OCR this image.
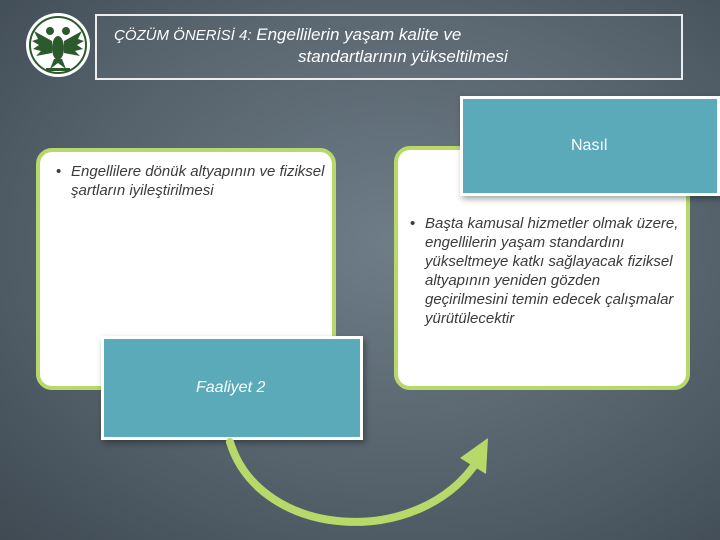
ÇÖZÜM ÖNERİSİ 4: Engellilerin yaşam kalite ve
standartlarının yükseltilmesi
• Engellilere dönük altyapının ve fiziksel şartların iyileştirilmesi
• Başta kamusal hizmetler olmak üzere, engellilerin yaşam standardını yükseltmeye katkı sağlayacak fiziksel altyapının yeniden gözden geçirilmesini temin edecek çalışmalar yürütülecektir
Nasıl
Faaliyet 2
